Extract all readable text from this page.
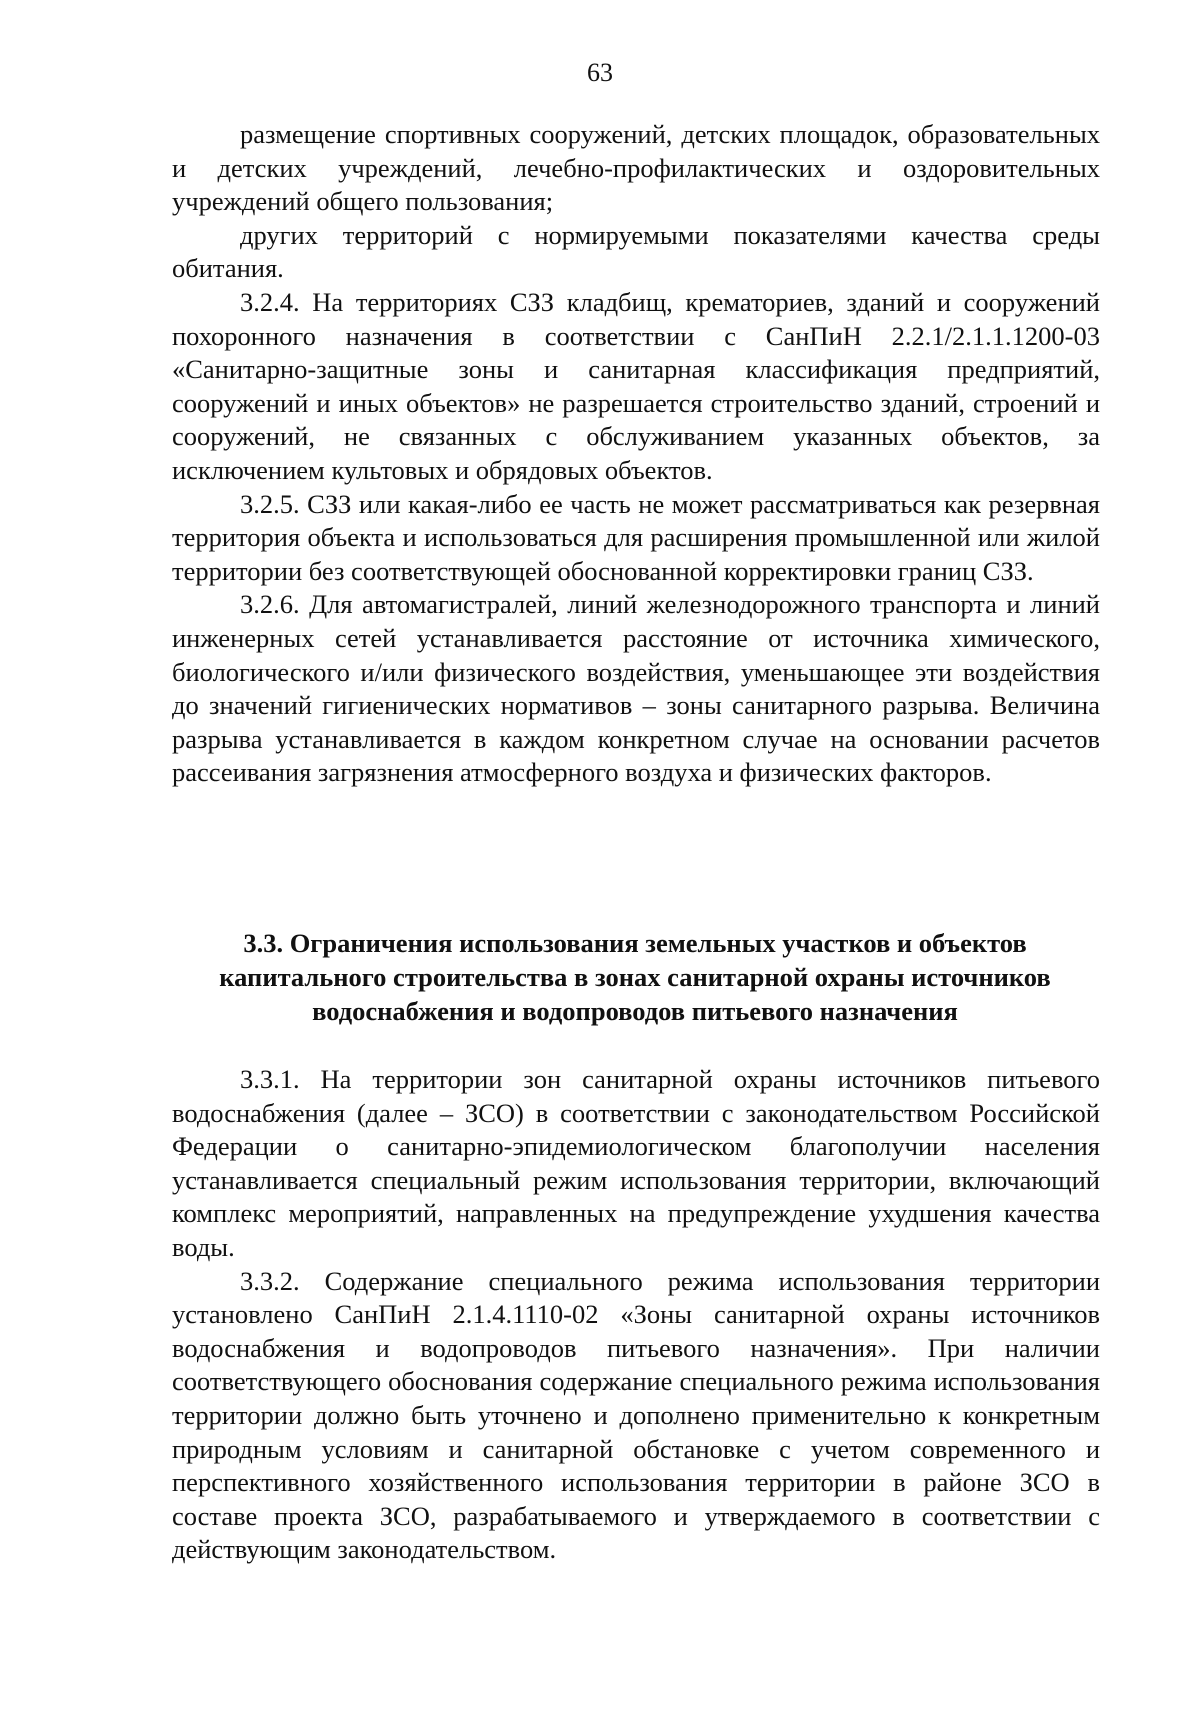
63

размещение спортивных сооружений, детских площадок, образовательных и детских учреждений, лечебно-профилактических и оздоровительных учреждений общего пользования;

других территорий с нормируемыми показателями качества среды обитания.

3.2.4. На территориях СЗЗ кладбищ, крематориев, зданий и сооружений похоронного назначения в соответствии с СанПиН 2.2.1/2.1.1.1200-03 «Санитарно-защитные зоны и санитарная классификация предприятий, сооружений и иных объектов» не разрешается строительство зданий, строений и сооружений, не связанных с обслуживанием указанных объектов, за исключением культовых и обрядовых объектов.

3.2.5. СЗЗ или какая-либо ее часть не может рассматриваться как резервная территория объекта и использоваться для расширения промышленной или жилой территории без соответствующей обоснованной корректировки границ СЗЗ.

3.2.6. Для автомагистралей, линий железнодорожного транспорта и линий инженерных сетей устанавливается расстояние от источника химического, биологического и/или физического воздействия, уменьшающее эти воздействия до значений гигиенических нормативов – зоны санитарного разрыва. Величина разрыва устанавливается в каждом конкретном случае на основании расчетов рассеивания загрязнения атмосферного воздуха и физических факторов.

3.3. Ограничения использования земельных участков и объектов
капитального строительства в зонах санитарной охраны источников
водоснабжения и водопроводов питьевого назначения

3.3.1. На территории зон санитарной охраны источников питьевого водоснабжения (далее – ЗСО) в соответствии с законодательством Российской Федерации о санитарно-эпидемиологическом благополучии населения устанавливается специальный режим использования территории, включающий комплекс мероприятий, направленных на предупреждение ухудшения качества воды.

3.3.2. Содержание специального режима использования территории установлено СанПиН 2.1.4.1110-02 «Зоны санитарной охраны источников водоснабжения и водопроводов питьевого назначения». При наличии соответствующего обоснования содержание специального режима использования территории должно быть уточнено и дополнено применительно к конкретным природным условиям и санитарной обстановке с учетом современного и перспективного хозяйственного использования территории в районе ЗСО в составе проекта ЗСО, разрабатываемого и утверждаемого в соответствии с действующим законодательством.
